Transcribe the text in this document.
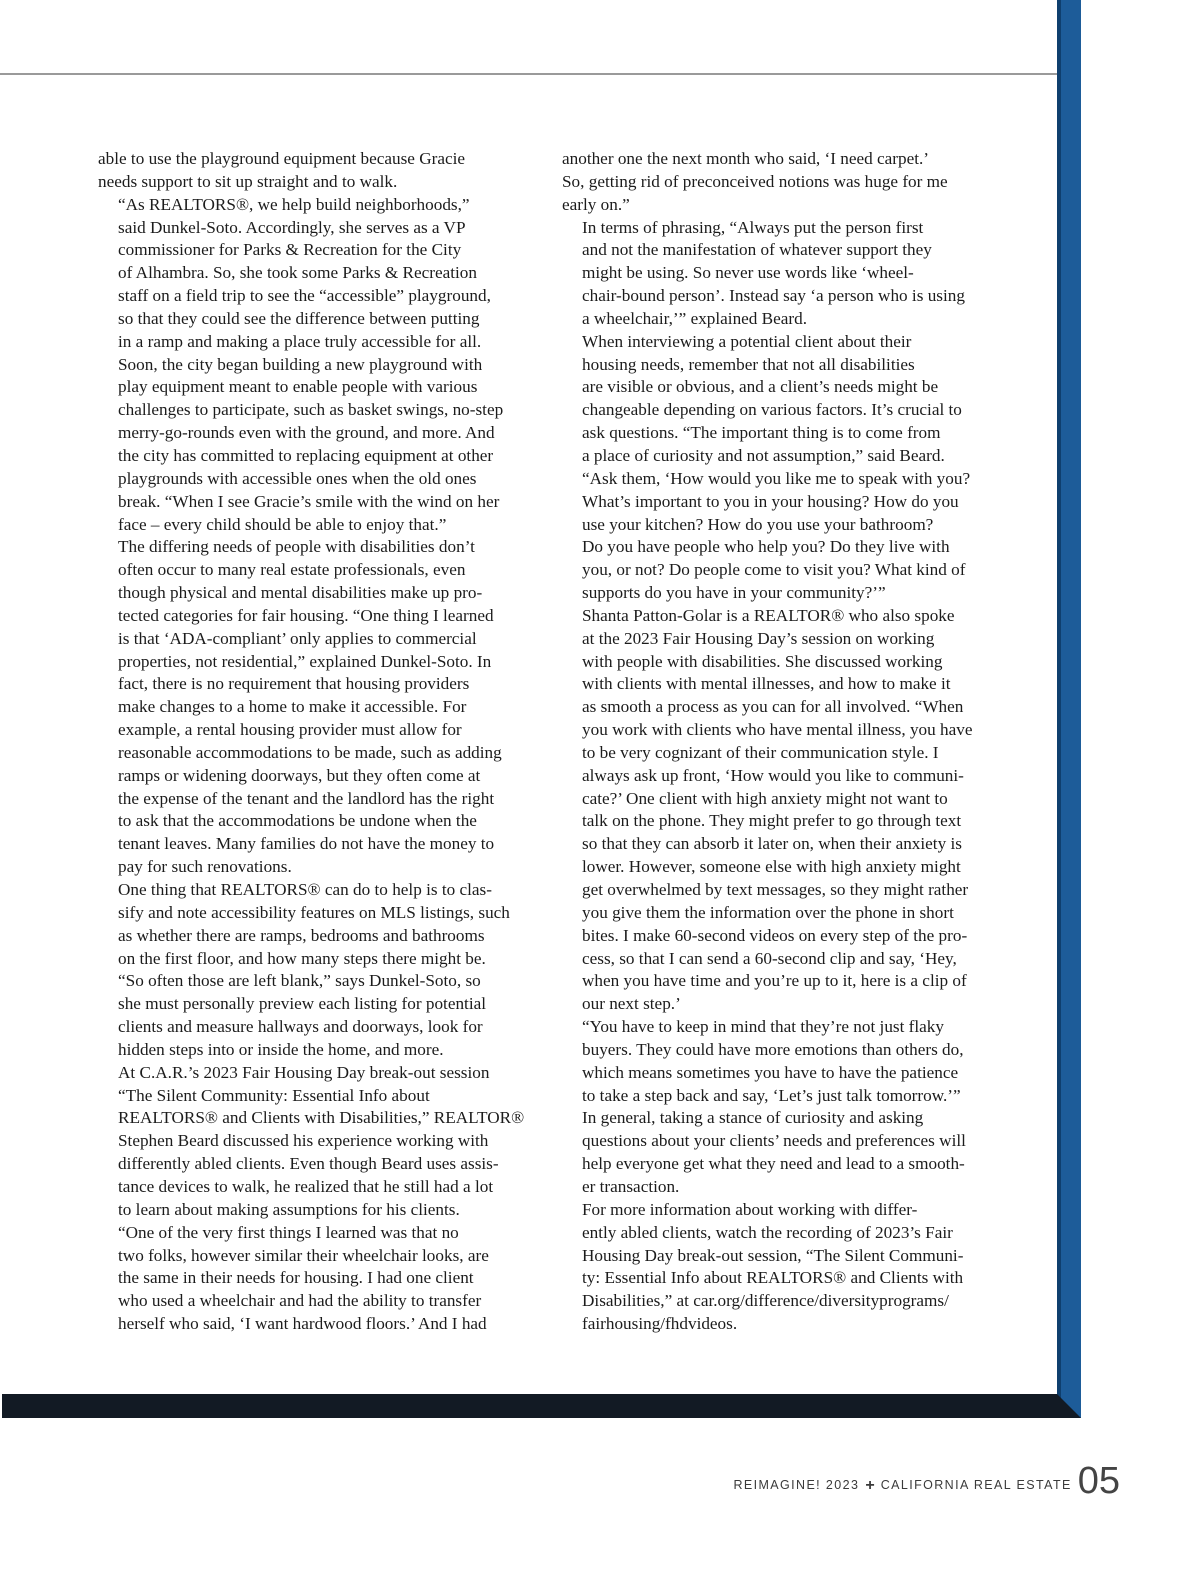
able to use the playground equipment because Gracie
needs support to sit up straight and to walk.

“As REALTORS®, we help build neighborhoods,”
said Dunkel-Soto. Accordingly, she serves as a VP
commissioner for Parks & Recreation for the City
of Alhambra. So, she took some Parks & Recreation
staff on a field trip to see the “accessible” playground,
so that they could see the difference between putting
in a ramp and making a place truly accessible for all.
Soon, the city began building a new playground with
play equipment meant to enable people with various
challenges to participate, such as basket swings, no-step
merry-go-rounds even with the ground, and more. And
the city has committed to replacing equipment at other
playgrounds with accessible ones when the old ones
break. “When I see Gracie’s smile with the wind on her
face – every child should be able to enjoy that.”

The differing needs of people with disabilities don’t
often occur to many real estate professionals, even
though physical and mental disabilities make up pro-
tected categories for fair housing. “One thing I learned
is that ‘ADA-compliant’ only applies to commercial
properties, not residential,” explained Dunkel-Soto. In
fact, there is no requirement that housing providers
make changes to a home to make it accessible. For
example, a rental housing provider must allow for
reasonable accommodations to be made, such as adding
ramps or widening doorways, but they often come at
the expense of the tenant and the landlord has the right
to ask that the accommodations be undone when the
tenant leaves. Many families do not have the money to
pay for such renovations.

One thing that REALTORS® can do to help is to clas-
sify and note accessibility features on MLS listings, such
as whether there are ramps, bedrooms and bathrooms
on the first floor, and how many steps there might be.
“So often those are left blank,” says Dunkel-Soto, so
she must personally preview each listing for potential
clients and measure hallways and doorways, look for
hidden steps into or inside the home, and more.

At C.A.R.’s 2023 Fair Housing Day break-out session
“The Silent Community: Essential Info about
REALTORS® and Clients with Disabilities,” REALTOR®
Stephen Beard discussed his experience working with
differently abled clients. Even though Beard uses assis-
tance devices to walk, he realized that he still had a lot
to learn about making assumptions for his clients.

“One of the very first things I learned was that no
two folks, however similar their wheelchair looks, are
the same in their needs for housing. I had one client
who used a wheelchair and had the ability to transfer
herself who said, ‘I want hardwood floors.’ And I had

another one the next month who said, ‘I need carpet.’
So, getting rid of preconceived notions was huge for me
early on.”

In terms of phrasing, “Always put the person first
and not the manifestation of whatever support they
might be using. So never use words like ‘wheel-
chair-bound person’. Instead say ‘a person who is using
a wheelchair,’” explained Beard.

When interviewing a potential client about their
housing needs, remember that not all disabilities
are visible or obvious, and a client’s needs might be
changeable depending on various factors. It’s crucial to
ask questions. “The important thing is to come from
a place of curiosity and not assumption,” said Beard.
“Ask them, ‘How would you like me to speak with you?
What’s important to you in your housing? How do you
use your kitchen? How do you use your bathroom?
Do you have people who help you? Do they live with
you, or not? Do people come to visit you? What kind of
supports do you have in your community?’”

Shanta Patton-Golar is a REALTOR® who also spoke
at the 2023 Fair Housing Day’s session on working
with people with disabilities. She discussed working
with clients with mental illnesses, and how to make it
as smooth a process as you can for all involved. “When
you work with clients who have mental illness, you have
to be very cognizant of their communication style. I
always ask up front, ‘How would you like to communi-
cate?’ One client with high anxiety might not want to
talk on the phone. They might prefer to go through text
so that they can absorb it later on, when their anxiety is
lower. However, someone else with high anxiety might
get overwhelmed by text messages, so they might rather
you give them the information over the phone in short
bites. I make 60-second videos on every step of the pro-
cess, so that I can send a 60-second clip and say, ‘Hey,
when you have time and you’re up to it, here is a clip of
our next step.’

“You have to keep in mind that they’re not just flaky
buyers. They could have more emotions than others do,
which means sometimes you have to have the patience
to take a step back and say, ‘Let’s just talk tomorrow.’”

In general, taking a stance of curiosity and asking
questions about your clients’ needs and preferences will
help everyone get what they need and lead to a smooth-
er transaction.

For more information about working with differ-
ently abled clients, watch the recording of 2023’s Fair
Housing Day break-out session, “The Silent Communi-
ty: Essential Info about REALTORS® and Clients with
Disabilities,” at car.org/difference/diversityprograms/
fairhousing/fhdvideos.

REIMAGINE! 2023 + CALIFORNIA REAL ESTATE 05
